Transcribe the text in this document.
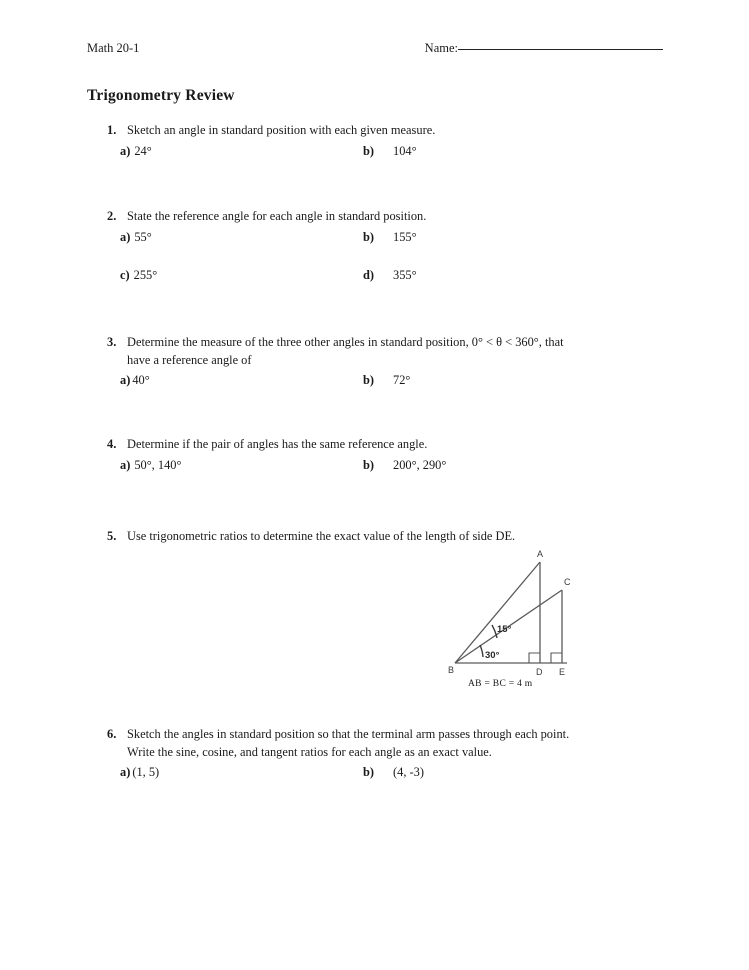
Math 20-1	Name:
Trigonometry Review
1. Sketch an angle in standard position with each given measure.
a) 24°	b) 104°
2. State the reference angle for each angle in standard position.
a) 55°	b) 155°
c) 255°	d) 355°
3. Determine the measure of the three other angles in standard position, 0° < θ < 360°, that
have a reference angle of
a) 40°	b) 72°
4. Determine if the pair of angles has the same reference angle.
a) 50°, 140°	b) 200°, 290°
5. Use trigonometric ratios to determine the exact value of the length of side DE.
A
C
B	D E
15°
30°
AB = BC = 4 m
6. Sketch the angles in standard position so that the terminal arm passes through each point.
Write the sine, cosine, and tangent ratios for each angle as an exact value.
a) (1, 5)	b) (4, -3)
